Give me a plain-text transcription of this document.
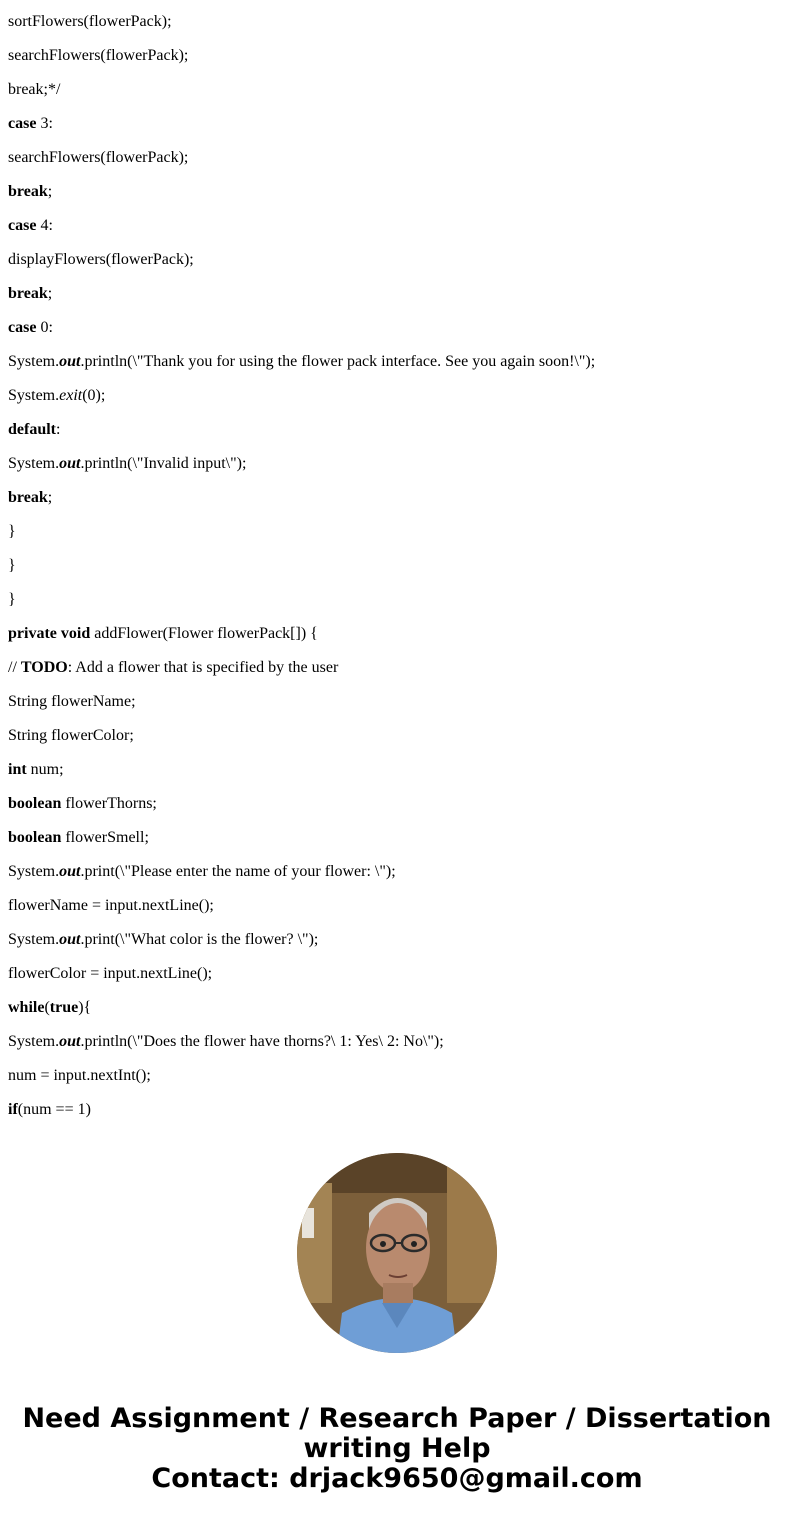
sortFlowers(flowerPack);
searchFlowers(flowerPack);
break;*/
case 3:
searchFlowers(flowerPack);
break;
case 4:
displayFlowers(flowerPack);
break;
case 0:
System.out.println(\"Thank you for using the flower pack interface. See you again soon!\");
System.exit(0);
default:
System.out.println(\"Invalid input\");
break;
}
}
}
private void addFlower(Flower flowerPack[]) {
// TODO: Add a flower that is specified by the user
String flowerName;
String flowerColor;
int num;
boolean flowerThorns;
boolean flowerSmell;
System.out.print(\"Please enter the name of your flower: \");
flowerName = input.nextLine();
System.out.print(\"What color is the flower? \");
flowerColor = input.nextLine();
while(true){
System.out.println(\"Does the flower have thorns?\ 1: Yes\ 2: No\");
num = input.nextInt();
if(num == 1)
Need Assignment / Research Paper / Dissertation
writing Help
Contact: drjack9650@gmail.com
